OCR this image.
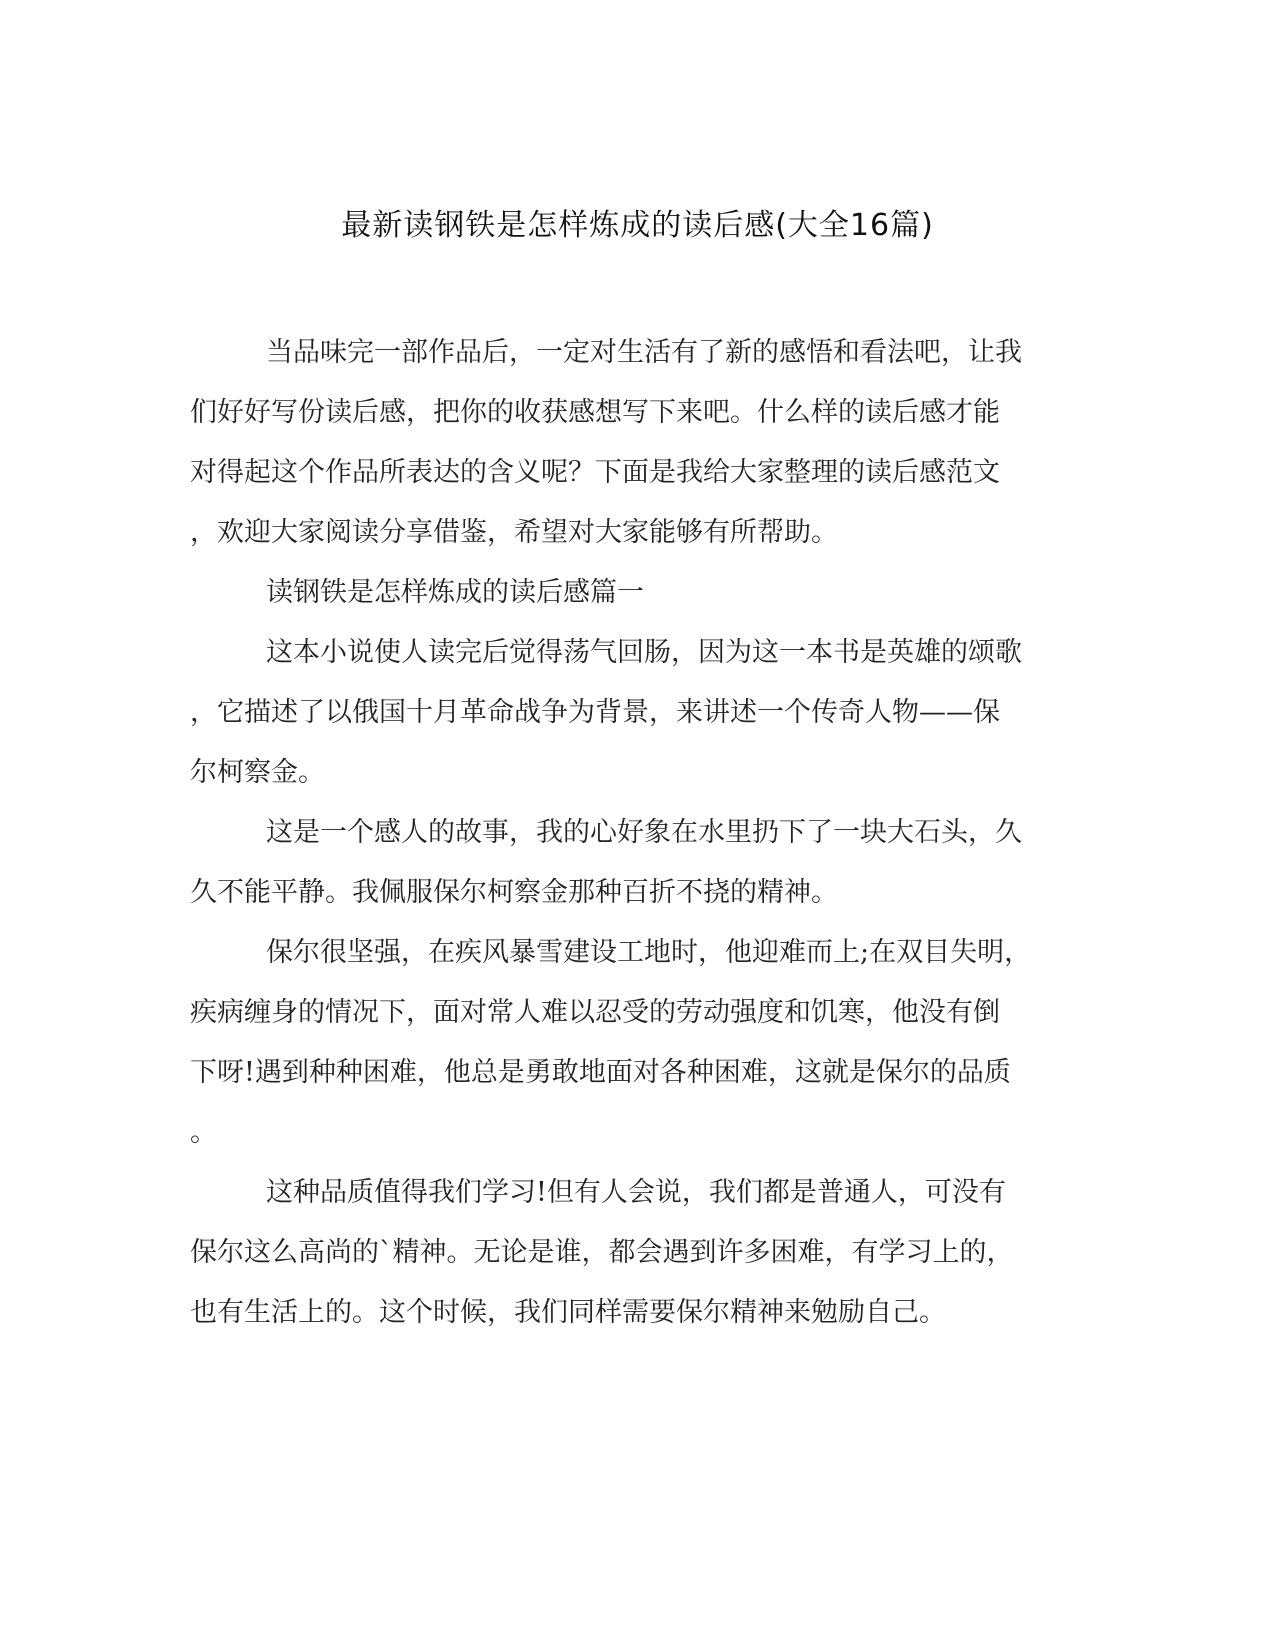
最新读钢铁是怎样炼成的读后感(大全16篇)

当品味完一部作品后，一定对生活有了新的感悟和看法吧，让我

们好好写份读后感，把你的收获感想写下来吧。什么样的读后感才能

对得起这个作品所表达的含义呢？下面是我给大家整理的读后感范文

，欢迎大家阅读分享借鉴，希望对大家能够有所帮助。

读钢铁是怎样炼成的读后感篇一

这本小说使人读完后觉得荡气回肠，因为这一本书是英雄的颂歌

，它描述了以俄国十月革命战争为背景，来讲述一个传奇人物——保

尔柯察金。

这是一个感人的故事，我的心好象在水里扔下了一块大石头，久

久不能平静。我佩服保尔柯察金那种百折不挠的精神。

保尔很坚强，在疾风暴雪建设工地时，他迎难而上;在双目失明，

疾病缠身的情况下，面对常人难以忍受的劳动强度和饥寒，他没有倒

下呀!遇到种种困难，他总是勇敢地面对各种困难，这就是保尔的品质

。

这种品质值得我们学习!但有人会说，我们都是普通人，可没有

保尔这么高尚的`精神。无论是谁，都会遇到许多困难，有学习上的，

也有生活上的。这个时候，我们同样需要保尔精神来勉励自己。
